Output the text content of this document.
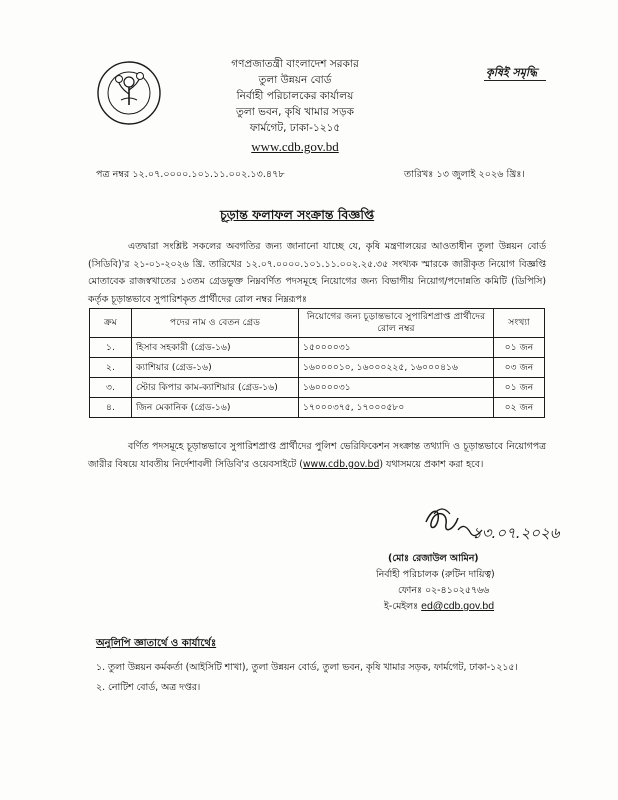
গণপ্রজাতন্ত্রী বাংলাদেশ সরকার
তুলা উন্নয়ন বোর্ড
নির্বাহী পরিচালকের কার্যালয়
তুলা ভবন, কৃষি খামার সড়ক
ফার্মগেট, ঢাকা-১২১৫
www.cdb.gov.bd
কৃষিই সমৃদ্ধি
পত্র নম্বর ১২.০৭.০০০০.১০১.১১.০০২.১৩.৪৭৮	তারিখঃ ১৩ জুলাই ২০২৬ খ্রিঃ।
চূড়ান্ত ফলাফল সংক্রান্ত বিজ্ঞপ্তি
এতদ্বারা সংশ্লিষ্ট সকলের অবগতির জন্য জানানো যাচ্ছে যে, কৃষি মন্ত্রণালয়ের আওতাধীন তুলা উন্নয়ন বোর্ড (সিডিবি)'র ২১-০১-২০২৬ খ্রি. তারিখের ১২.০৭.০০০০.১০১.১১.০০২.২৫.৩৫ সংখ্যক স্মারকে জারীকৃত নিয়োগ বিজ্ঞপ্তি মোতাবেক রাজস্বখাতের ১৩তম গ্রেডভুক্ত নিম্নবর্ণিত পদসমূহে নিয়োগের জন্য বিভাগীয় নিয়োগ/পদোন্নতি কমিটি (ডিপিসি) কর্তৃক চূড়ান্তভাবে সুপারিশকৃত প্রার্থীদের রোল নম্বর নিম্নরূপঃ
ক্রম	পদের নাম ও বেতন গ্রেড	নিয়োগের জন্য চূড়ান্তভাবে সুপারিশপ্রাপ্ত প্রার্থীদের রোল নম্বর	সংখ্যা
১.	হিসাব সহকারী (গ্রেড-১৬)	১৫০০০০৩১	০১ জন
২.	ক্যাশিয়ার (গ্রেড-১৬)	১৬০০০০১০, ১৬০০০২২৫, ১৬০০০৪১৬	০৩ জন
৩.	স্টোর কিপার কাম-ক্যাশিয়ার (গ্রেড-১৬)	১৬০০০০৩১	০১ জন
৪.	জিন মেকানিক (গ্রেড-১৬)	১৭০০০৩৭৫, ১৭০০০৫৮০	০২ জন
বর্ণিত পদসমূহে চূড়ান্তভাবে সুপারিশপ্রাপ্ত প্রার্থীদের পুলিশ ভেরিফিকেশন সংক্রান্ত তথ্যাদি ও চূড়ান্তভাবে নিয়োগপত্র জারীর বিষয়ে যাবতীয় নির্দেশাবলী সিডিবি'র ওয়েবসাইটে (www.cdb.gov.bd) যথাসময়ে প্রকাশ করা হবে।
১৩.০৭.২০২৬
(মোঃ রেজাউল আমিন)
নির্বাহী পরিচালক (রুটিন দায়িত্ব)
ফোনঃ ০২-৪১০২৫৭৬৬
ই-মেইলঃ ed@cdb.gov.bd
অনুলিপি জ্ঞাতার্থে ও কার্যার্থেঃ
১. তুলা উন্নয়ন কর্মকর্তা (আইসিটি শাখা), তুলা উন্নয়ন বোর্ড, তুলা ভবন, কৃষি খামার সড়ক, ফার্মগেট, ঢাকা-১২১৫।
২. নোটিশ বোর্ড, অত্র দপ্তর।
